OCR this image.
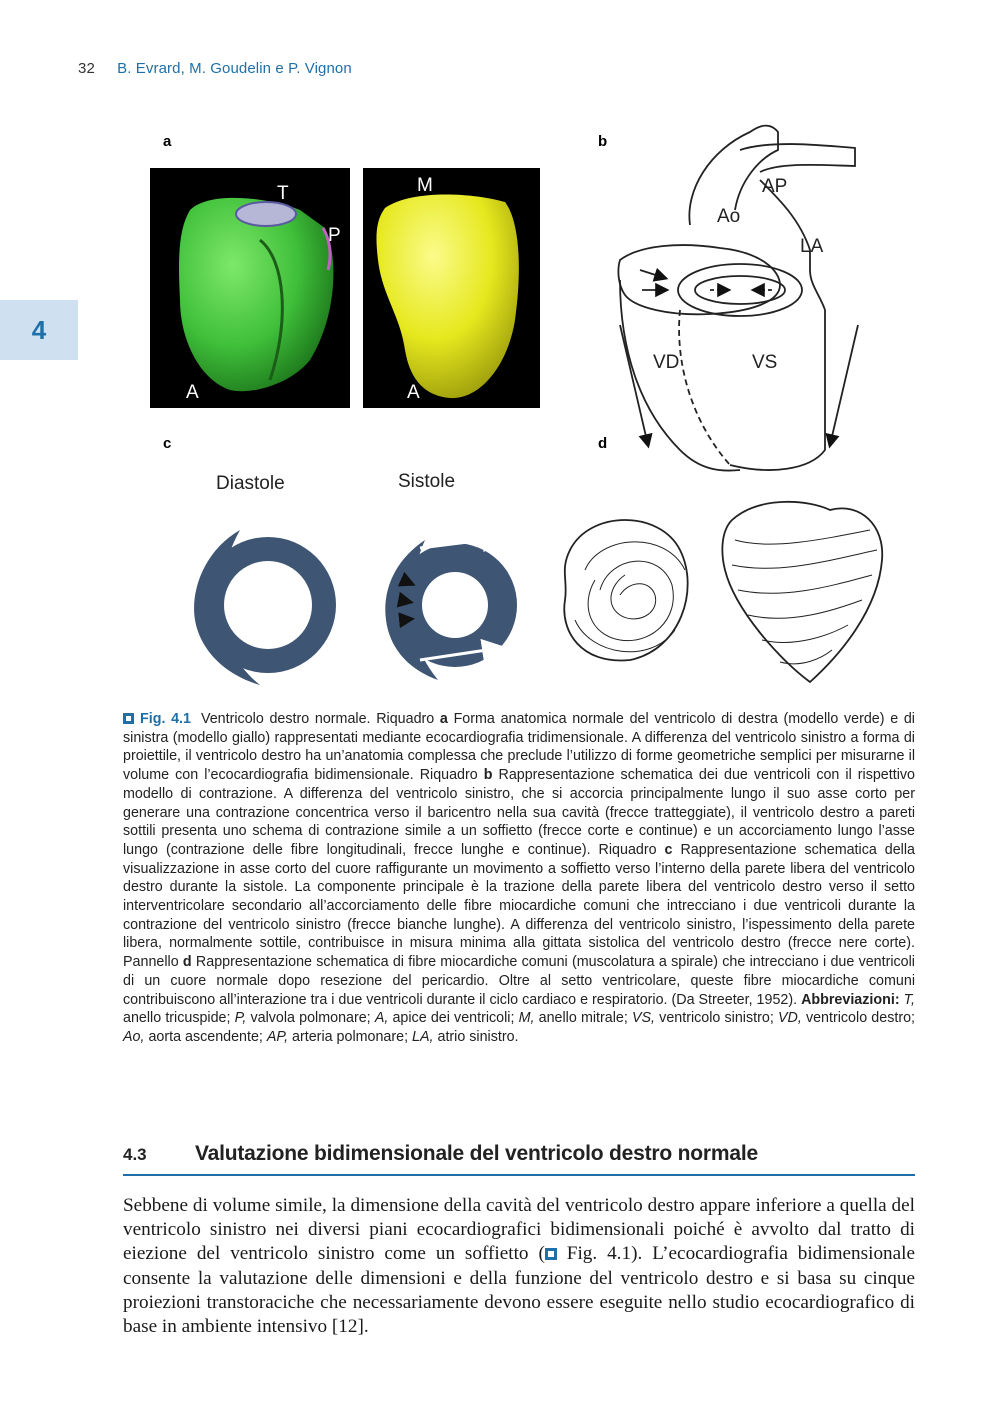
32 B. Evrard, M. Goudelin e P. Vignon
4
a	b
c	d
T
P
A
M
A
AP
Ao
LA
VD	VS
Diastole	Sistole
Fig. 4.1 Ventricolo destro normale. Riquadro a Forma anatomica normale del ventricolo di destra (modello verde) e di sinistra (modello giallo) rappresentati mediante ecocardiografia tridimensionale. A differenza del ventricolo sinistro a forma di proiettile, il ventricolo destro ha un’anatomia complessa che preclude l’utilizzo di forme geometriche semplici per misurarne il volume con l’ecocardiografia bidimensionale. Riquadro b Rappresentazione schematica dei due ventricoli con il rispettivo modello di contrazione. A differenza del ventricolo sinistro, che si accorcia principalmente lungo il suo asse corto per generare una contrazione concentrica verso il baricentro nella sua cavità (frecce tratteggiate), il ventricolo destro a pareti sottili presenta uno schema di contrazione simile a un soffietto (frecce corte e continue) e un accorciamento lungo l’asse lungo (contrazione delle fibre longitudinali, frecce lunghe e continue). Riquadro c Rappresentazione schematica della visualizzazione in asse corto del cuore raffigurante un movimento a soffietto verso l’interno della parete libera del ventricolo destro durante la sistole. La componente principale è la trazione della parete libera del ventricolo destro verso il setto interventricolare secondario all’accorciamento delle fibre miocardiche comuni che intrecciano i due ventricoli durante la contrazione del ventricolo sinistro (frecce bianche lunghe). A differenza del ventricolo sinistro, l’ispessimento della parete libera, normalmente sottile, contribuisce in misura minima alla gittata sistolica del ventricolo destro (frecce nere corte). Pannello d Rappresentazione schematica di fibre miocardiche comuni (muscolatura a spirale) che intrecciano i due ventricoli di un cuore normale dopo resezione del pericardio. Oltre al setto ventricolare, queste fibre miocardiche comuni contribuiscono all’interazione tra i due ventricoli durante il ciclo cardiaco e respiratorio. (Da Streeter, 1952). Abbreviazioni: T, anello tricuspide; P, valvola polmonare; A, apice dei ventricoli; M, anello mitrale; VS, ventricolo sinistro; VD, ventricolo destro; Ao, aorta ascendente; AP, arteria polmonare; LA, atrio sinistro.
4.3	Valutazione bidimensionale del ventricolo destro normale
Sebbene di volume simile, la dimensione della cavità del ventricolo destro appare inferiore a quella del ventricolo sinistro nei diversi piani ecocardiografici bidimensionali poiché è avvolto dal tratto di eiezione del ventricolo sinistro come un soffietto ( Fig. 4.1). L’ecocardiografia bidimensionale consente la valutazione delle dimensioni e della funzione del ventricolo destro e si basa su cinque proiezioni transtoraciche che necessariamente devono essere eseguite nello studio ecocardiografico di base in ambiente intensivo [12].
